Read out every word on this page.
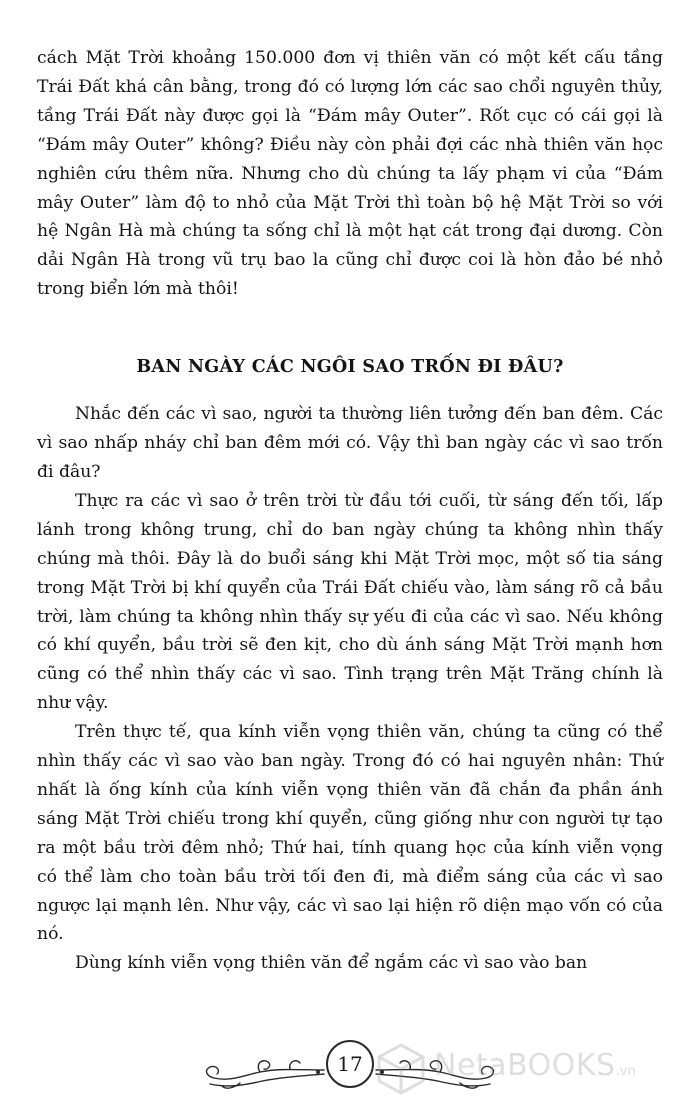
cách Mặt Trời khoảng 150.000 đơn vị thiên văn có một kết cấu tầng Trái Đất khá cân bằng, trong đó có lượng lớn các sao chổi nguyên thủy, tầng Trái Đất này được gọi là “Đám mây Outer”. Rốt cục có cái gọi là “Đám mây Outer” không? Điều này còn phải đợi các nhà thiên văn học nghiên cứu thêm nữa. Nhưng cho dù chúng ta lấy phạm vi của “Đám mây Outer” làm độ to nhỏ của Mặt Trời thì toàn bộ hệ Mặt Trời so với hệ Ngân Hà mà chúng ta sống chỉ là một hạt cát trong đại dương. Còn dải Ngân Hà trong vũ trụ bao la cũng chỉ được coi là hòn đảo bé nhỏ trong biển lớn mà thôi!

BAN NGÀY CÁC NGÔI SAO TRỐN ĐI ĐÂU?

Nhắc đến các vì sao, người ta thường liên tưởng đến ban đêm. Các vì sao nhấp nháy chỉ ban đêm mới có. Vậy thì ban ngày các vì sao trốn đi đâu?

Thực ra các vì sao ở trên trời từ đầu tới cuối, từ sáng đến tối, lấp lánh trong không trung, chỉ do ban ngày chúng ta không nhìn thấy chúng mà thôi. Đây là do buổi sáng khi Mặt Trời mọc, một số tia sáng trong Mặt Trời bị khí quyển của Trái Đất chiếu vào, làm sáng rõ cả bầu trời, làm chúng ta không nhìn thấy sự yếu đi của các vì sao. Nếu không có khí quyển, bầu trời sẽ đen kịt, cho dù ánh sáng Mặt Trời mạnh hơn cũng có thể nhìn thấy các vì sao. Tình trạng trên Mặt Trăng chính là như vậy.

Trên thực tế, qua kính viễn vọng thiên văn, chúng ta cũng có thể nhìn thấy các vì sao vào ban ngày. Trong đó có hai nguyên nhân: Thứ nhất là ống kính của kính viễn vọng thiên văn đã chắn đa phần ánh sáng Mặt Trời chiếu trong khí quyển, cũng giống như con người tự tạo ra một bầu trời đêm nhỏ; Thứ hai, tính quang học của kính viễn vọng có thể làm cho toàn bầu trời tối đen đi, mà điểm sáng của các vì sao ngược lại mạnh lên. Như vậy, các vì sao lại hiện rõ diện mạo vốn có của nó.

Dùng kính viễn vọng thiên văn để ngắm các vì sao vào ban

17 NetaBOOKS.vn
